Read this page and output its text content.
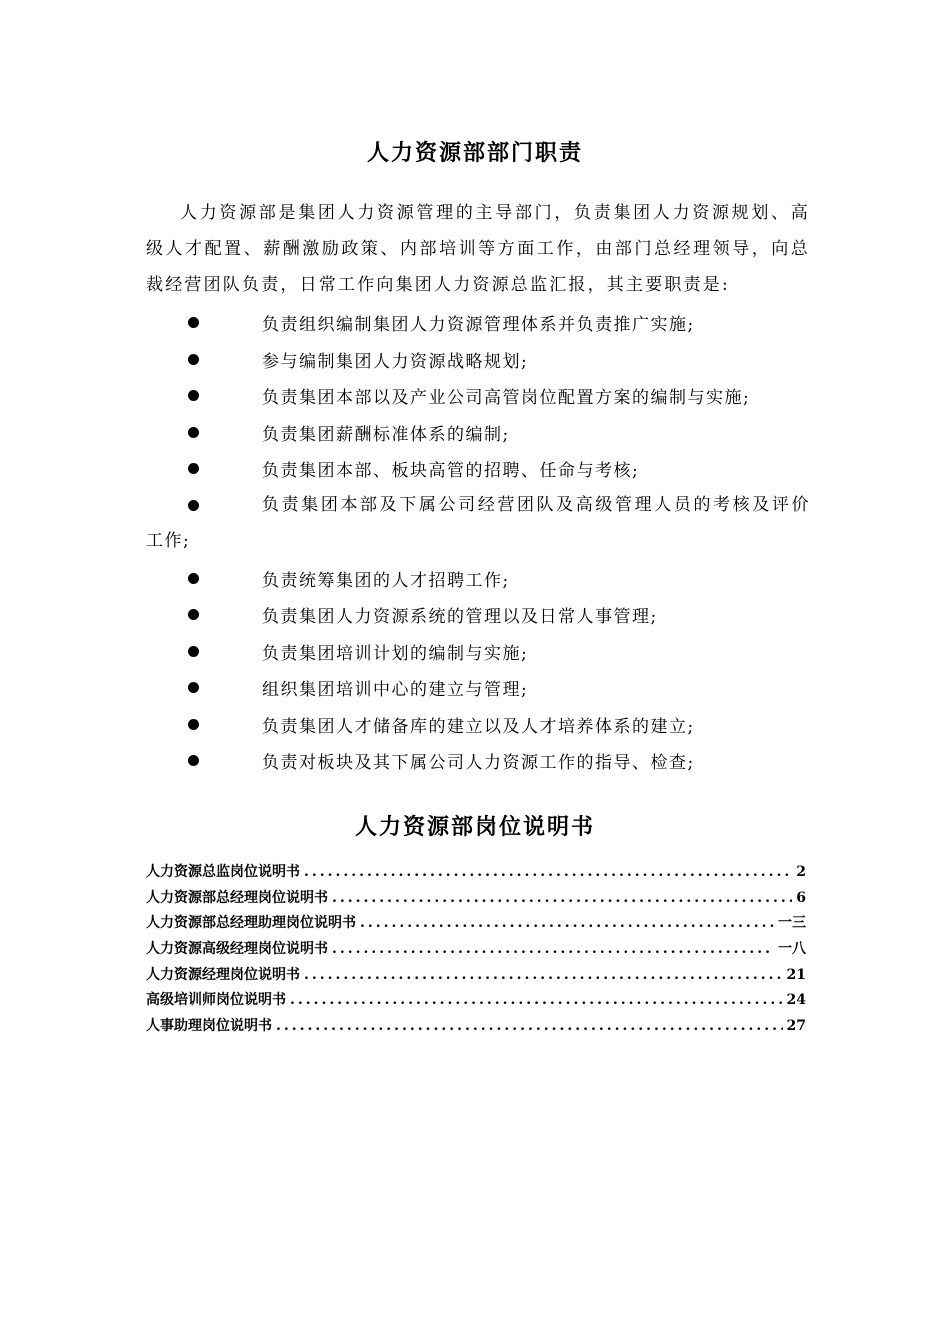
人力资源部部门职责

人力资源部是集团人力资源管理的主导部门，负责集团人力资源规划、高级人才配置、薪酬激励政策、内部培训等方面工作，由部门总经理领导，向总裁经营团队负责，日常工作向集团人力资源总监汇报，其主要职责是:

负责组织编制集团人力资源管理体系并负责推广实施;
参与编制集团人力资源战略规划;
负责集团本部以及产业公司高管岗位配置方案的编制与实施;
负责集团薪酬标准体系的编制;
负责集团本部、板块高管的招聘、任命与考核;
负责集团本部及下属公司经营团队及高级管理人员的考核及评价
工作;
负责统筹集团的人才招聘工作;
负责集团人力资源系统的管理以及日常人事管理;
负责集团培训计划的编制与实施;
组织集团培训中心的建立与管理;
负责集团人才储备库的建立以及人才培养体系的建立;
负责对板块及其下属公司人力资源工作的指导、检查;
人力资源部岗位说明书
人力资源总监岗位说明书 .....	2
人力资源部总经理岗位说明书 .....	6
人力资源部总经理助理岗位说明书 .....	一三
人力资源高级经理岗位说明书 .....	一八
人力资源经理岗位说明书 .....	21
高级培训师岗位说明书 .....	24
人事助理岗位说明书 .....	27
